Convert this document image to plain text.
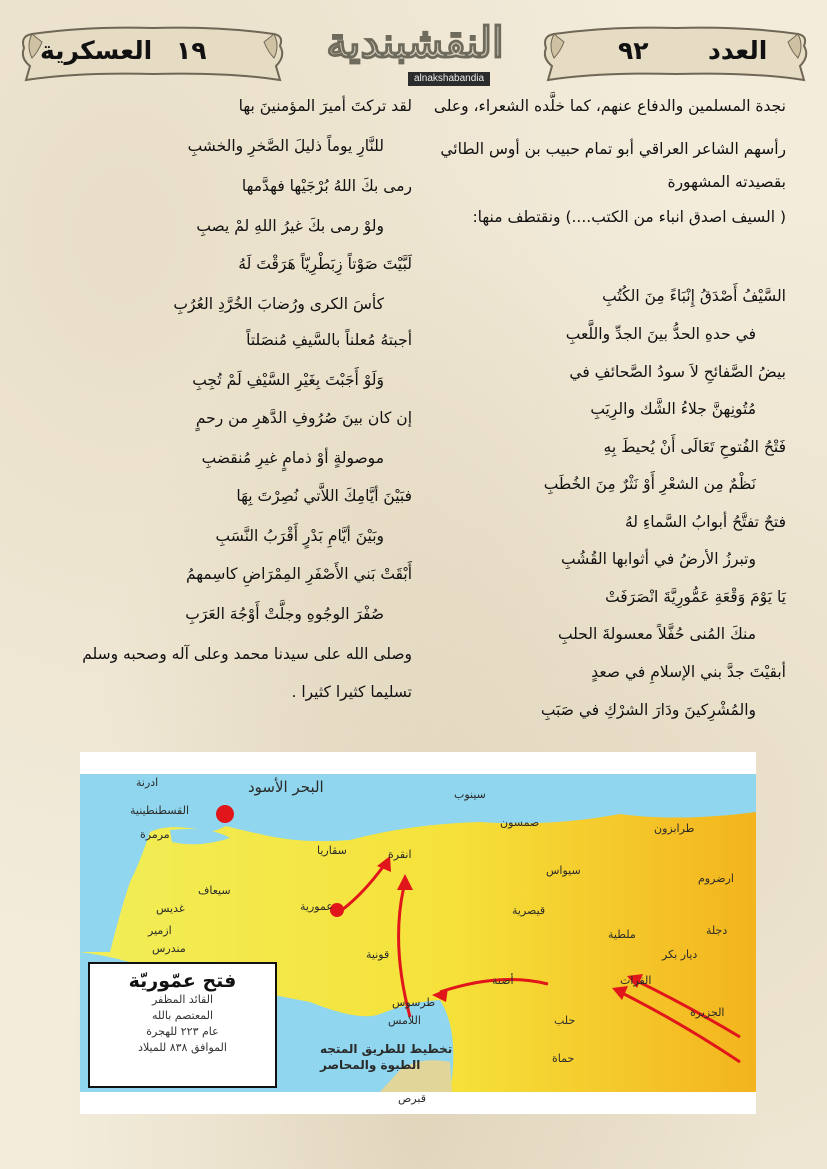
العسكرية ١٩	النقشبندية
alnakshabandia
٩٢ العدد
نجدة المسلمين والدفاع عنهم، كما خلَّده الشعراء، وعلى
رأسهم الشاعر العراقي أبو تمام حبيب بن أوس الطائي
بقصيدته المشهورة
( السيف اصدق انباء من الكتب....) ونقتطف منها:
السَّيْفُ أَصْدَقُ إِنْبَاءً مِنَ الكُتُبِ
في حدهِ الحدُّ بينَ الجدِّ واللَّعبِ
بيضُ الصَّفائحِ لاَ سودُ الصَّحائفِ في
مُتُونِهنَّ جلاءُ الشَّك والرِيَبِ
فَتْحُ الفُتوحِ تَعَالَى أَنْ يُحيطَ بِهِ
نَظْمٌ مِن الشعْرِ أَوْ نَثْرٌ مِنَ الخُطَبِ
فتحٌ تفتَّحُ أبوابُ السَّماءِ لهُ
وتبرزُ الأرضُ في أثوابها القُشُبِ
يَا يَوْمَ وَقْعَةِ عَمُّورِيَّةَ انْصَرَفَتْ
منكَ المُنى حُفَّلاً معسولةَ الحلبِ
أبقيْتَ جدَّ بني الإسلامِ في صعدٍ
والمُشْرِكينَ ودَارَ الشرْكِ في صَبَبِ
لقد تركتَ أميرَ المؤمنينَ بها
للنَّارِ يوماً ذليلَ الصَّخرِ والخشبِ
رمى بكَ اللهُ بُرْجَيْها فهدَّمها
ولوْ رمى بكَ غيرُ اللهِ لمْ يصبِ
لَبَّيْتَ صَوْتاً زِبَطْرِيّاً هَرَقْتَ لَهُ
كأسَ الكرى ورُضابَ الخُرَّدِ العُرُبِ
أجبتهُ مُعلناً بالسَّيفِ مُنصَلتاً
وَلَوْ أَجَبْتَ بِغَيْرِ السَّيْفِ لَمْ تُجِبِ
إن كان بينَ صُرُوفِ الدَّهرِ من رحمٍ
موصولةٍ أوْ ذمامٍ غيرِ مُنقضبِ
فبَيْنَ أيَّامِكَ اللاَّتي نُصِرْتَ بِهَا
وبَيْنَ أيَّامِ بَدْرٍ أَقْرَبُ النَّسَبِ
أَبْقَتْ بَني الأَصْفَرِ المِمْرَاضِ كاسِمهمُ
صُفْرَ الوجُوهِ وجلَّتْ أَوْجُهَ العَرَبِ
وصلى الله على سيدنا محمد وعلى آله وصحبه وسلم
تسليما كثيرا كثيرا .
البحر الأسود
ادرنة
القسطنطينية
مرمرة
سقاريا	انقرة
سينوب
صمسون	طرابزون
سيواس
ارضروم
سيعاف
عمورية
غديس
ازمير
مندرس
قيصرية
ملطية	دجلة
قونية	ديار بكر
الفرات
الجزيرة
أضنة
طرسوس
اللامس	حلب
حماة
قبرص
تخطيط للطريق المتجه
الطبوة والمحاصر
فتح عمّوريّة
القائد المظفر
المعتصم بالله
عام ٢٢٣ للهجرة
الموافق ٨٣٨ للميلاد
